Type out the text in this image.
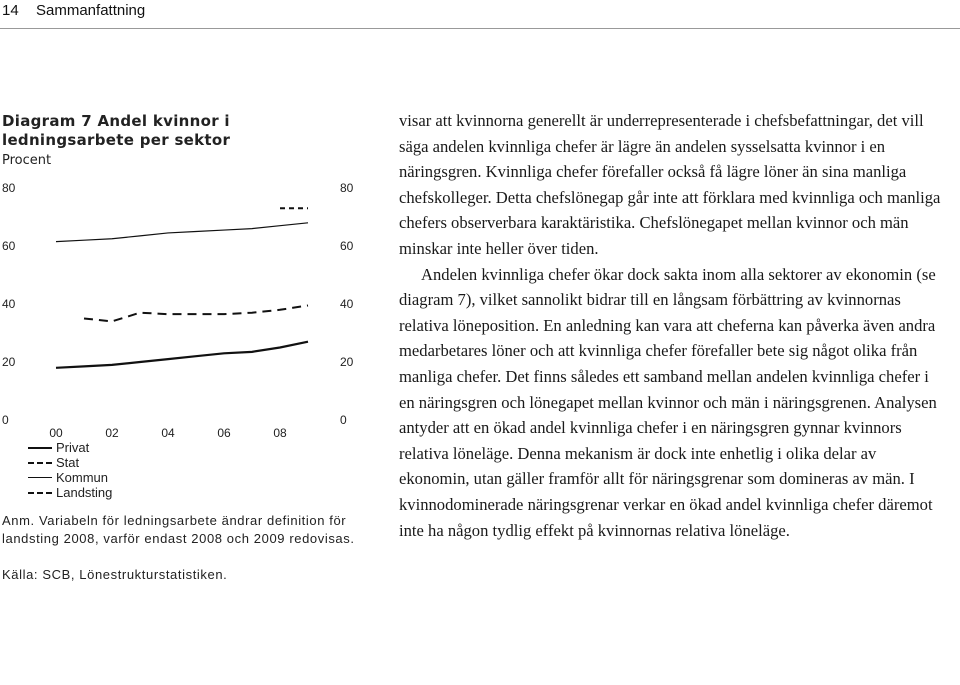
14 Sammanfattning
Diagram 7 Andel kvinnor i ledningsarbete per sektor
Procent
0	0
20	20
40	40
60	60
80	80
00	02	04	06	08
Privat
Stat
Kommun
Landsting
Anm. Variabeln för ledningsarbete ändrar definition för landsting 2008, varför endast 2008 och 2009 redovisas.
Källa: SCB, Lönestrukturstatistiken.

visar att kvinnorna generellt är underrepresenterade i chefsbefattningar, det vill säga andelen kvinnliga chefer är lägre än andelen sysselsatta kvinnor i en näringsgren. Kvinnliga chefer förefaller också få lägre löner än sina manliga chefskolleger. Detta chefslönegap går inte att förklara med kvinnliga och manliga chefers observerbara karaktäristika. Chefslönegapet mellan kvinnor och män minskar inte heller över tiden.

Andelen kvinnliga chefer ökar dock sakta inom alla sektorer av ekonomin (se diagram 7), vilket sannolikt bidrar till en långsam förbättring av kvinnornas relativa löneposition. En anledning kan vara att cheferna kan påverka även andra medarbetares löner och att kvinnliga chefer förefaller bete sig något olika från manliga chefer. Det finns således ett samband mellan andelen kvinnliga chefer i en näringsgren och lönegapet mellan kvinnor och män i näringsgrenen. Analysen antyder att en ökad andel kvinnliga chefer i en näringsgren gynnar kvinnors relativa löneläge. Denna mekanism är dock inte enhetlig i olika delar av ekonomin, utan gäller framför allt för näringsgrenar som domineras av män. I kvinnodominerade näringsgrenar verkar en ökad andel kvinnliga chefer däremot inte ha någon tydlig effekt på kvinnornas relativa löneläge.
